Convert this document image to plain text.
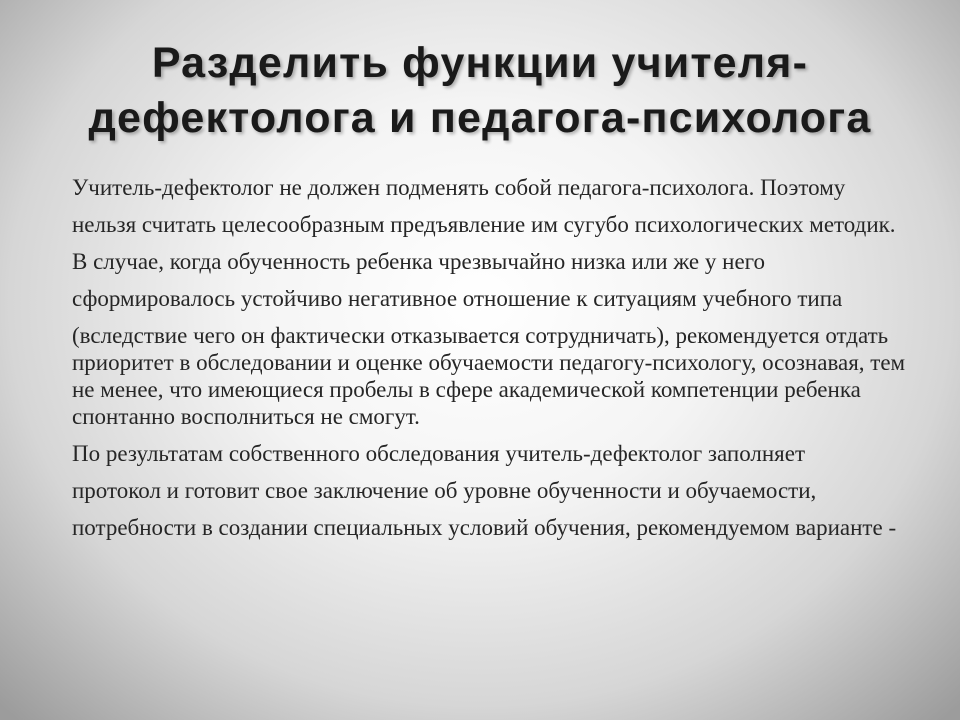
Разделить функции учителя-
дефектолога и педагога-психолога

Учитель-дефектолог не должен подменять собой педагога-психолога. Поэтому

нельзя считать целесообразным предъявление им сугубо психологических методик.

В случае, когда обученность ребенка чрезвычайно низка или же у него

сформировалось устойчиво негативное отношение к ситуациям учебного типа

(вследствие чего он фактически отказывается сотрудничать), рекомендуется отдать приоритет в обследовании и оценке обучаемости педагогу-психологу, осознавая, тем не менее, что имеющиеся пробелы в сфере академической компетенции ребенка спонтанно восполниться не смогут.

По результатам собственного обследования учитель-дефектолог заполняет

протокол и готовит свое заключение об уровне обученности и обучаемости,

потребности в создании специальных условий обучения, рекомендуемом варианте -
